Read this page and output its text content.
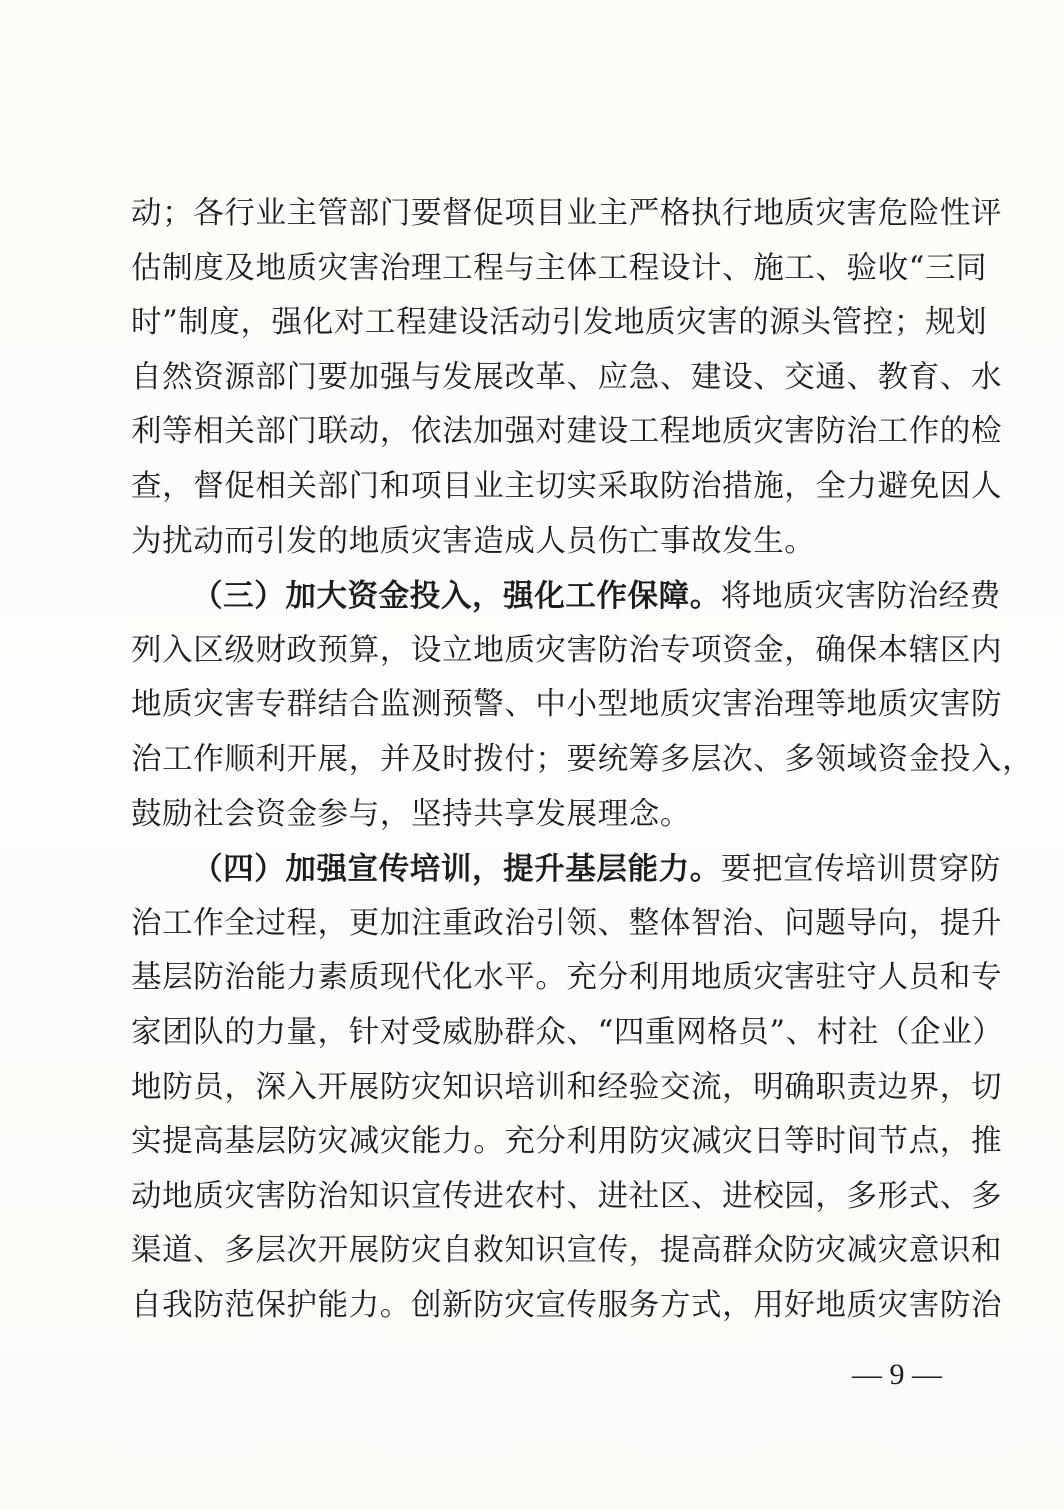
动；各行业主管部门要督促项目业主严格执行地质灾害危险性评
估制度及地质灾害治理工程与主体工程设计、施工、验收“三同
时”制度，强化对工程建设活动引发地质灾害的源头管控；规划
自然资源部门要加强与发展改革、应急、建设、交通、教育、水
利等相关部门联动，依法加强对建设工程地质灾害防治工作的检
查，督促相关部门和项目业主切实采取防治措施，全力避免因人
为扰动而引发的地质灾害造成人员伤亡事故发生。
（三）加大资金投入，强化工作保障。将地质灾害防治经费
列入区级财政预算，设立地质灾害防治专项资金，确保本辖区内
地质灾害专群结合监测预警、中小型地质灾害治理等地质灾害防
治工作顺利开展，并及时拨付；要统筹多层次、多领域资金投入，
鼓励社会资金参与，坚持共享发展理念。
（四）加强宣传培训，提升基层能力。要把宣传培训贯穿防
治工作全过程，更加注重政治引领、整体智治、问题导向，提升
基层防治能力素质现代化水平。充分利用地质灾害驻守人员和专
家团队的力量，针对受威胁群众、“四重网格员”、村社（企业）
地防员，深入开展防灾知识培训和经验交流，明确职责边界，切
实提高基层防灾减灾能力。充分利用防灾减灾日等时间节点，推
动地质灾害防治知识宣传进农村、进社区、进校园，多形式、多
渠道、多层次开展防灾自救知识宣传，提高群众防灾减灾意识和
自我防范保护能力。创新防灾宣传服务方式，用好地质灾害防治
— 9 —
